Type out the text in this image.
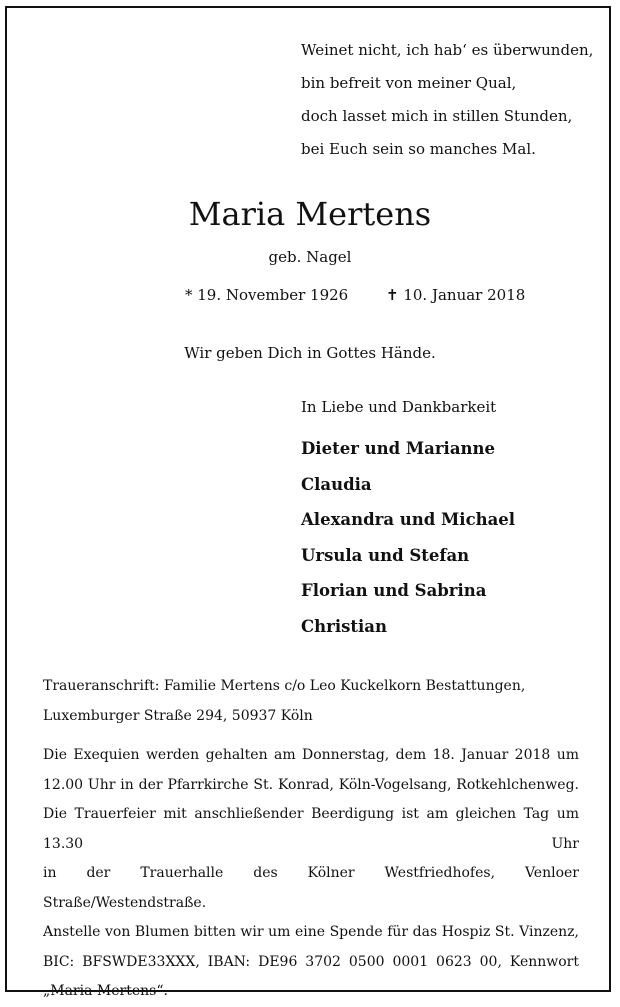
Weinet nicht, ich hab‘ es überwunden,
bin befreit von meiner Qual,
doch lasset mich in stillen Stunden,
bei Euch sein so manches Mal.
Maria Mertens
geb. Nagel
* 19. November 1926	✝ 10. Januar 2018
Wir geben Dich in Gottes Hände.
In Liebe und Dankbarkeit
Dieter und Marianne
Claudia
Alexandra und Michael
Ursula und Stefan
Florian und Sabrina
Christian
Traueranschrift: Familie Mertens c/o Leo Kuckelkorn Bestattungen,
Luxemburger Straße 294, 50937 Köln
Die Exequien werden gehalten am Donnerstag, dem 18. Januar 2018 um
12.00 Uhr in der Pfarrkirche St. Konrad, Köln-Vogelsang, Rotkehlchenweg.
Die Trauerfeier mit anschließender Beerdigung ist am gleichen Tag um 13.30 Uhr
in der Trauerhalle des Kölner Westfriedhofes, Venloer Straße/Westendstraße.
Anstelle von Blumen bitten wir um eine Spende für das Hospiz St. Vinzenz,
BIC: BFSWDE33XXX, IBAN: DE96 3702 0500 0001 0623 00, Kennwort
„Maria Mertens“.
